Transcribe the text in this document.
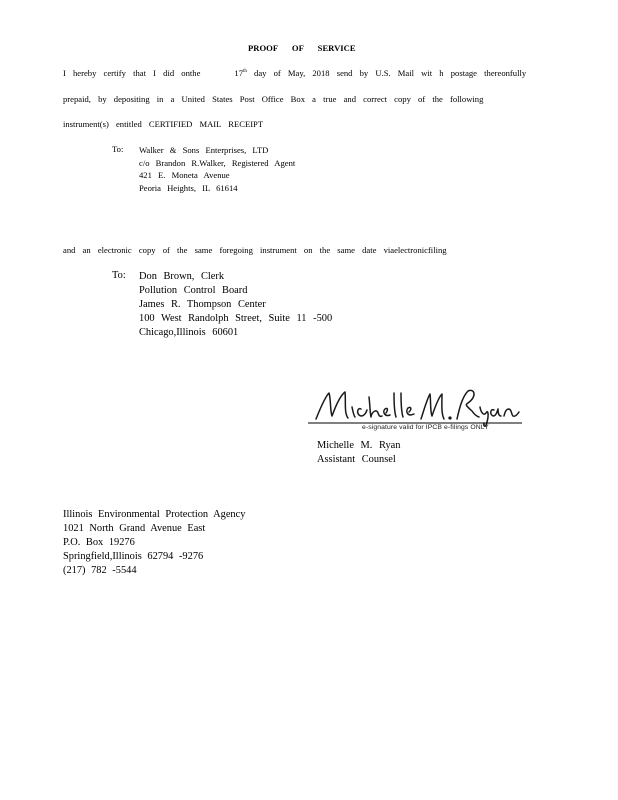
PROOF OF SERVICE
I hereby certify that I did onthe	17th day of May, 2018 send by U.S. Mail wit h postage thereonfully
prepaid, by depositing in a United States Post Office Box a true and correct copy of the following
instrument(s) entitled CERTIFIED MAIL RECEIPT
To: Walker & Sons Enterprises, LTD
c/o Brandon R.Walker, Registered Agent
421 E. Moneta Avenue
Peoria Heights, IL 61614
and an electronic copy of the same foregoing instrument on the same date viaelectronicfiling
To: Don Brown, Clerk
Pollution Control Board
James R. Thompson Center
100 West Randolph Street, Suite 11 -500
Chicago,Illinois 60601
e-signature valid for IPCB e-filings ONLY
Michelle M. Ryan
Assistant Counsel
Illinois Environmental Protection Agency
1021 North Grand Avenue East
P.O. Box 19276
Springfield,Illinois 62794 -9276
(217) 782 -5544
